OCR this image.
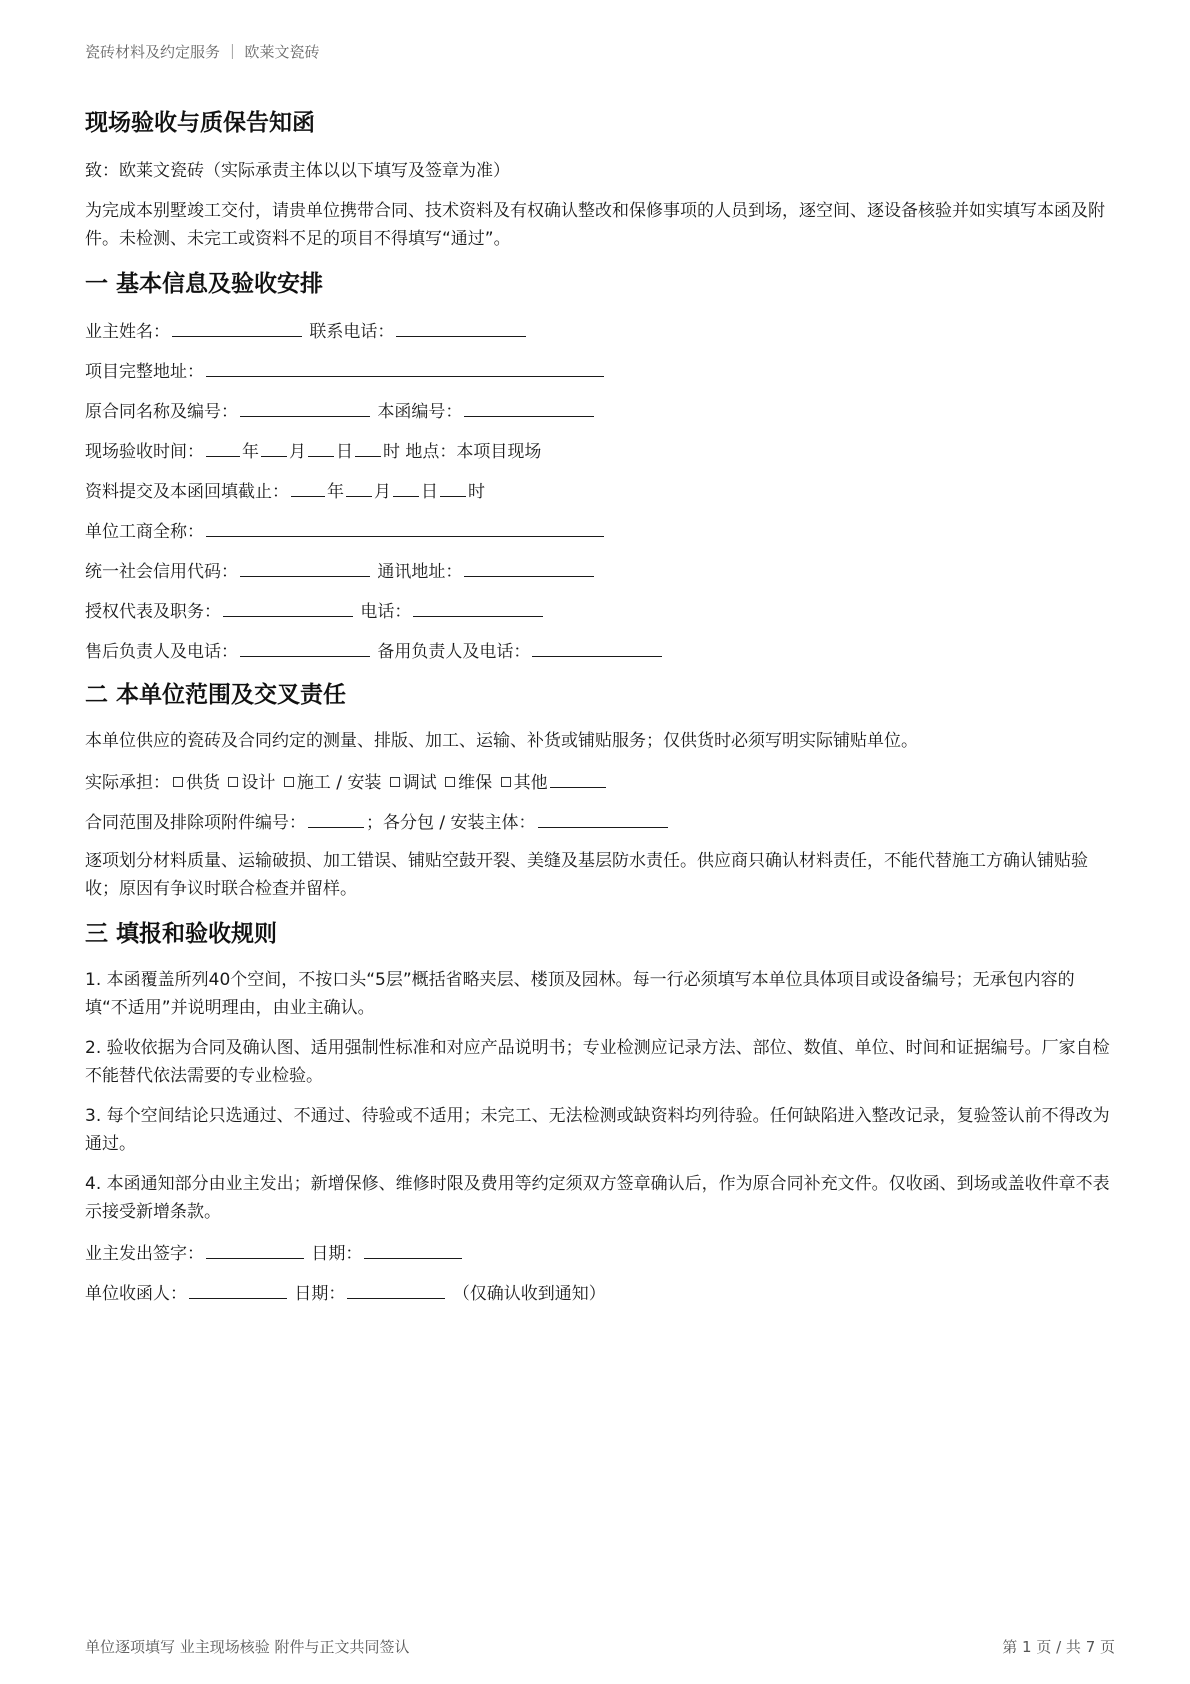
瓷砖材料及约定服务 ｜ 欧莱文瓷砖
现场验收与质保告知函

致：欧莱文瓷砖（实际承责主体以以下填写及签章为准）

为完成本别墅竣工交付，请贵单位携带合同、技术资料及有权确认整改和保修事项的人员到场，逐空间、逐设备核验并如实填写本函及附件。未检测、未完工或资料不足的项目不得填写“通过”。

一 基本信息及验收安排
业主姓名：	联系电话：
项目完整地址：
原合同名称及编号：	本函编号：
现场验收时间： 年 月 日 时 地点：本项目现场
资料提交及本函回填截止： 年 月 日 时
单位工商全称：
统一社会信用代码：	通讯地址：
授权代表及职务：	电话：
售后负责人及电话：	备用负责人及电话：
二 本单位范围及交叉责任

本单位供应的瓷砖及合同约定的测量、排版、加工、运输、补货或铺贴服务；仅供货时必须写明实际铺贴单位。

实际承担： 供货 设计 施工 / 安装 调试 维保 其他
合同范围及排除项附件编号：	；各分包 / 安装主体：

逐项划分材料质量、运输破损、加工错误、铺贴空鼓开裂、美缝及基层防水责任。供应商只确认材料责任，不能代替施工方确认铺贴验收；原因有争议时联合检查并留样。

三 填报和验收规则

1. 本函覆盖所列40个空间，不按口头“5层”概括省略夹层、楼顶及园林。每一行必须填写本单位具体项目或设备编号；无承包内容的填“不适用”并说明理由，由业主确认。

2. 验收依据为合同及确认图、适用强制性标准和对应产品说明书；专业检测应记录方法、部位、数值、单位、时间和证据编号。厂家自检不能替代依法需要的专业检验。

3. 每个空间结论只选通过、不通过、待验或不适用；未完工、无法检测或缺资料均列待验。任何缺陷进入整改记录，复验签认前不得改为通过。

4. 本函通知部分由业主发出；新增保修、维修时限及费用等约定须双方签章确认后，作为原合同补充文件。仅收函、到场或盖收件章不表示接受新增条款。

业主发出签字：	日期：
单位收函人：	日期：	（仅确认收到通知）
单位逐项填写 业主现场核验 附件与正文共同签认	第 1 页 / 共 7 页
